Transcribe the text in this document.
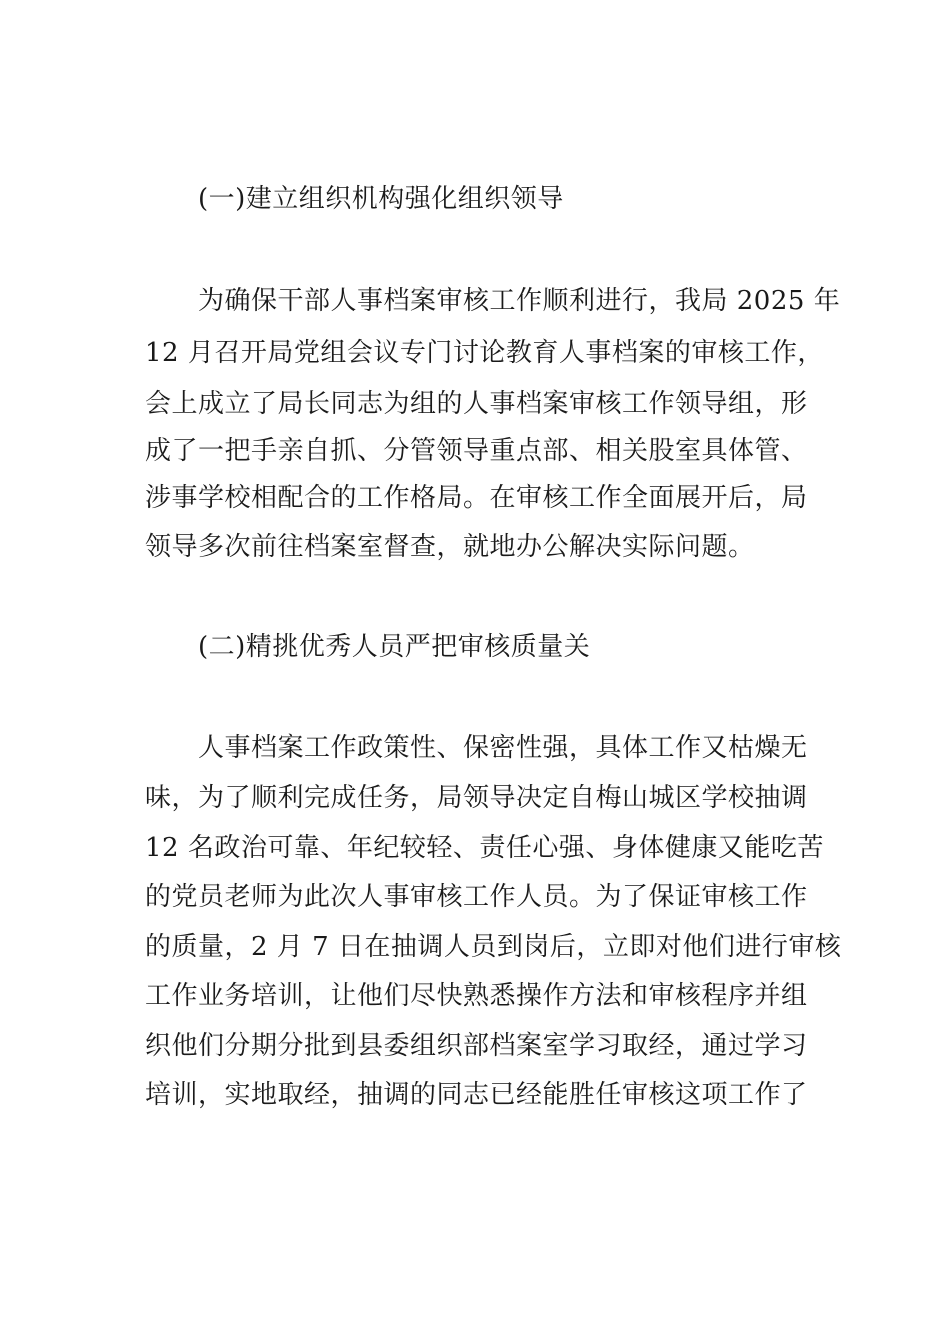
(一)建立组织机构强化组织领导
为确保干部人事档案审核工作顺利进行，我局 2025 年
12 月召开局党组会议专门讨论教育人事档案的审核工作，
会上成立了局长同志为组的人事档案审核工作领导组，形
成了一把手亲自抓、分管领导重点部、相关股室具体管、
涉事学校相配合的工作格局。在审核工作全面展开后，局
领导多次前往档案室督查，就地办公解决实际问题。
(二)精挑优秀人员严把审核质量关
人事档案工作政策性、保密性强，具体工作又枯燥无
味，为了顺利完成任务，局领导决定自梅山城区学校抽调
12 名政治可靠、年纪较轻、责任心强、身体健康又能吃苦
的党员老师为此次人事审核工作人员。为了保证审核工作
的质量，2 月 7 日在抽调人员到岗后，立即对他们进行审核
工作业务培训，让他们尽快熟悉操作方法和审核程序并组
织他们分期分批到县委组织部档案室学习取经，通过学习
培训，实地取经，抽调的同志已经能胜任审核这项工作了
